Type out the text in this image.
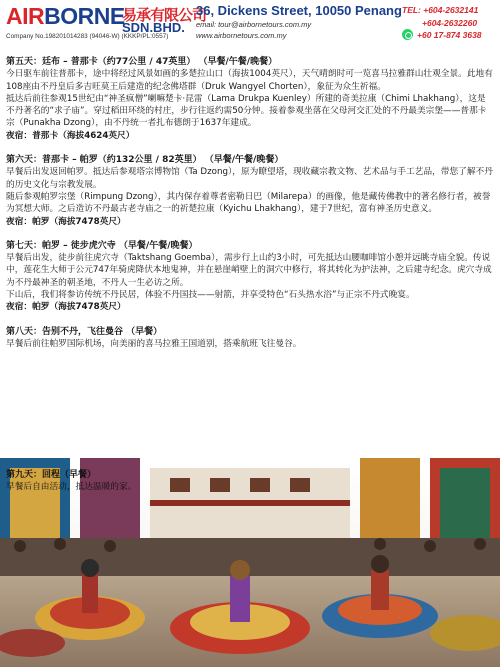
AIRBORNE
易承有限公司
SDN.BHD.
Company No.198201014283 (94046-W) (KKKP/PL:0557)
36, Dickens Street, 10050 Penang
email: tour@airbornetours.com.my
www.airbornetours.com.my
TEL: +604-2632141
+604-2632260
+60 17-874 3638
第五天：廷布 – 普那卡（约77公里 / 47英里） （早餐/午餐/晚餐）
今日驱车前往普那卡，途中将经过风景如画的多楚拉山口（海拔1004英尺），天气晴朗时可一览喜马拉雅群山壮观全景。此地有108座由不丹皇后多吉旺莫王后建造的纪念佛塔群（Druk Wangyel Chorten），象征为众生祈福。
抵达后前往参观15世纪由“神圣疯僧”喇嘛楚卡·昆雷（Lama Drukpa Kuenley）所建的奇美拉康（Chimi Lhakhang），这是不丹著名的“求子庙”。穿过稻田环绕的村庄，步行往返约需50分钟。接着参观坐落在父母河交汇处的不丹最美宗堡——普那卡宗（Punakha Dzong），由不丹统一者扎布德朗于1637年建成。
夜宿：普那卡（海拔4624英尺）
第六天：普那卡 – 帕罗（约132公里 / 82英里） （早餐/午餐/晚餐）
早餐后出发返回帕罗。抵达后参观塔宗博物馆（Ta Dzong），原为瞭望塔，现收藏宗教文物、艺术品与手工艺品，带您了解不丹的历史文化与宗教发展。
随后参观帕罗宗堡（Rimpung Dzong），其内保存着尊者密勒日巴（Milarepa）的画像，他是藏传佛教中的著名修行者，被誉为冥想大师。之后造访不丹最古老寺庙之一的祈楚拉康（Kyichu Lhakhang），建于7世纪，富有神圣历史意义。
夜宿：帕罗（海拔7478英尺）
第七天：帕罗 – 徒步虎穴寺 （早餐/午餐/晚餐）
早餐后出发，徒步前往虎穴寺（Taktshang Goemba），需步行上山约3小时，可先抵达山腰咖啡馆小憩并远眺寺庙全貌。传说中，莲花生大师于公元747年骑虎降伏本地鬼神，并在悬崖峭壁上的洞穴中修行，将其转化为护法神，之后建寺纪念。虎穴寺成为不丹最神圣的朝圣地，不丹人一生必访之所。
下山后，我们将参访传统不丹民居，体验不丹国技——射箭，并享受特色“石头热水浴”与正宗不丹式晚宴。
夜宿：帕罗（海拔7478英尺）
第八天：告别不丹，飞往曼谷 （早餐）
早餐后前往帕罗国际机场，向美丽的喜马拉雅王国道别，搭乘航班飞往曼谷。
第九天：回程（早餐）
早餐后自由活动，抵达温暖的家。
